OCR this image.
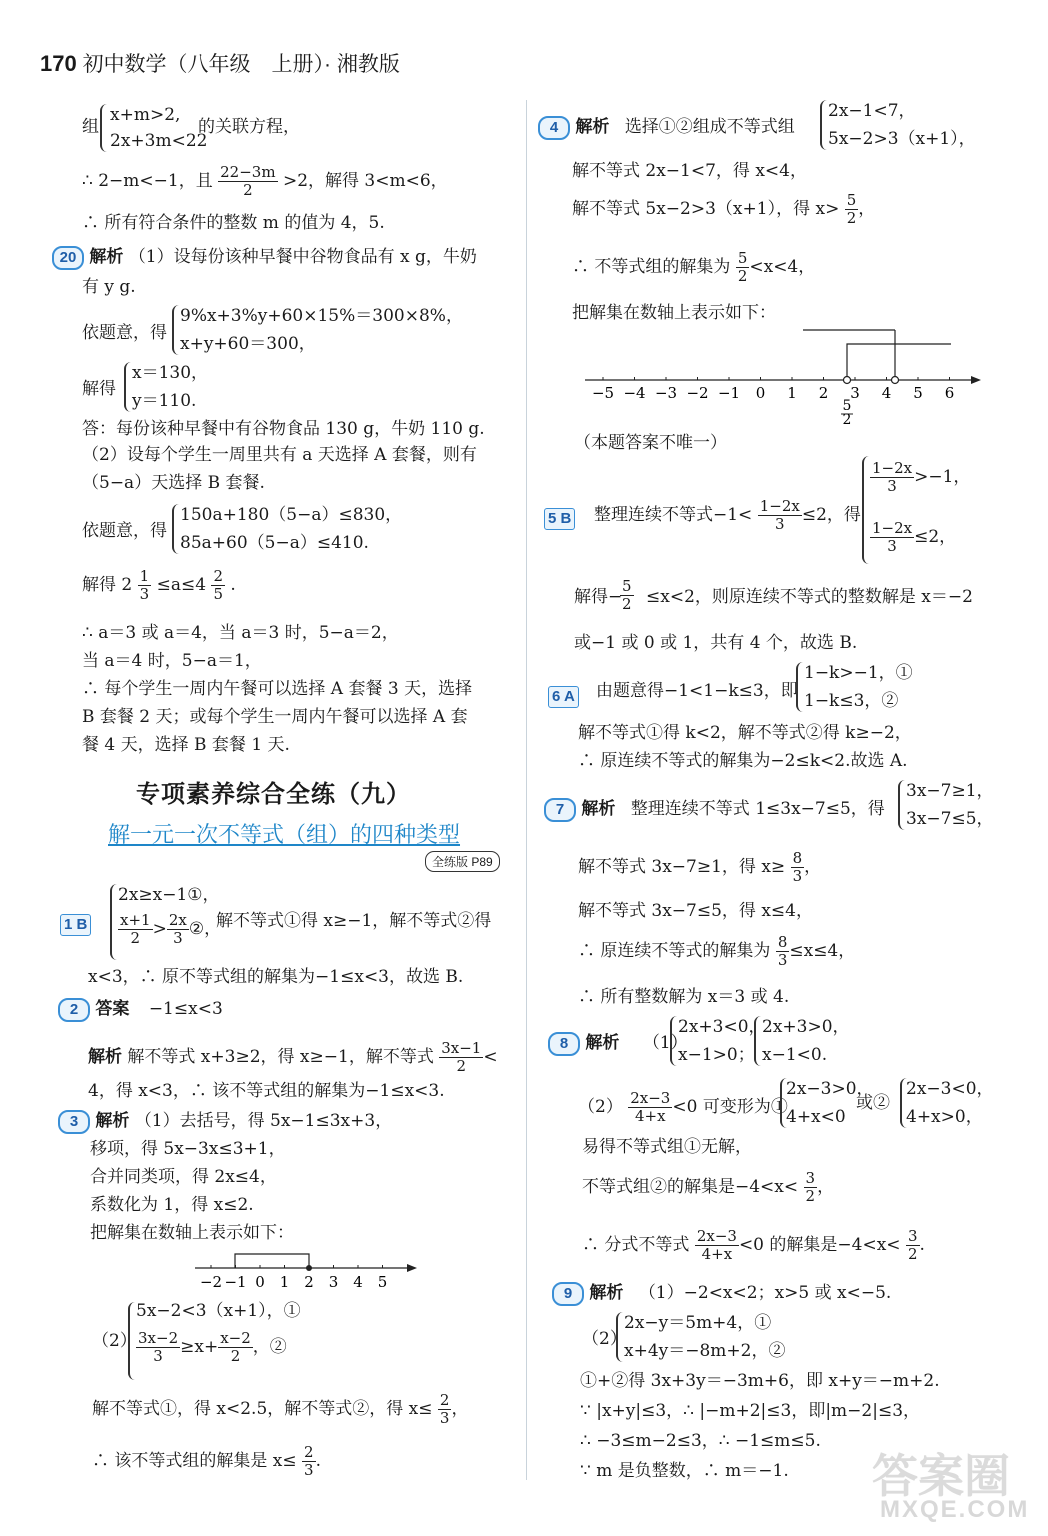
170 初中数学（八年级　上册）· 湘教版
组
x+m>2,
2x+3m<22
的关联方程，
∴ 2−m<−1，且 $\frac{22-3m}{2} >2$，解得 3<m<6，
∴ 所有符合条件的整数 m 的值为 4，5.
20 解析 （1）设每份该种早餐中谷物食品有 x g，牛奶
有 y g.
依题意，得
9%x+3%y+60×15%＝300×8%，
x+y+60＝300，
解得
x＝130，
y＝110.
答：每份该种早餐中有谷物食品 130 g，牛奶 110 g.
（2）设每个学生一周里共有 a 天选择 A 套餐，则有
（5−a）天选择 B 套餐.
依题意，得
150a+180（5−a）≤830，
85a+60（5−a）≤410.
解得 $2 \frac{1}{3} \le a\le 4 \frac{2}{5}$ .
∴ a＝3 或 a＝4，当 a＝3 时，5−a＝2，
当 a＝4 时，5−a＝1，
∴ 每个学生一周内午餐可以选择 A 套餐 3 天，选择
B 套餐 2 天；或每个学生一周内午餐可以选择 A 套
餐 4 天，选择 B 套餐 1 天.
专项素养综合全练（九）
解一元一次不等式（组）的四种类型
全练版 P89
1 B
2x≥x−1①，
$\frac{x+1}{2} > \frac{2x}{3}$ ②，
解不等式①得 x≥−1，解不等式②得
x<3，∴ 原不等式组的解集为−1≤x<3，故选 B.
2 答案 −1≤x<3
解析 解不等式 x+3≥2，得 x≥−1，解不等式 $\frac{3x-1}{2}$ <
4，得 x<3，∴ 该不等式组的解集为−1≤x<3.
3 解析 （1）去括号，得 5x−1≤3x+3，
移项，得 5x−3x≤3+1，
合并同类项，得 2x≤4，
系数化为 1，得 x≤2.
把解集在数轴上表示如下：
−2 −1 0 1 2 3 4 5
（2）
5x−2<3（x+1），①
$\frac{3x-2}{3} \ge x+ \frac{x-2}{2}$ ，②
解不等式①，得 x<2.5，解不等式②，得 $x\le \frac{2}{3}$ ，
∴ 该不等式组的解集是 $x\le \frac{2}{3}$ .
4 解析 选择①②组成不等式组
2x−1<7，
5x−2>3（x+1），
解不等式 2x−1<7，得 x<4，
解不等式 5x−2>3（x+1），得 $x> \frac{5}{2}$ ，
∴ 不等式组的解集为 $\frac{5}{2} <x<4$，
把解集在数轴上表示如下：
−5 −4 −3 −2 −1 0 1 2 3 4 5 6
5
2
（本题答案不唯一）
5 B 整理连续不等式$-1< \frac{1-2x}{3} \le 2$，得
$\frac{1-2x}{3} >-1$，
$\frac{1-2x}{3} \le 2$，
解得−
$\frac{5}{2} \le x<2$，则原连续不等式的整数解是 x＝−2
或−1 或 0 或 1，共有 4 个，故选 B.
6 A 由题意得−1<1−k≤3，即
1−k>−1，①
1−k≤3，②
解不等式①得 k<2，解不等式②得 k≥−2，
∴ 原连续不等式的解集为−2≤k<2.故选 A.
7 解析 整理连续不等式 1≤3x−7≤5，得
3x−7≥1，
3x−7≤5，
解不等式 3x−7≥1，得 $x\ge \frac{8}{3}$ ，
解不等式 3x−7≤5，得 x≤4，
∴ 原连续不等式的解集为 $\frac{8}{3} \le x\le 4$，
∴ 所有整数解为 x＝3 或 4.
8 解析 （1）
2x+3<0，
x−1>0；
2x+3>0，
x−1<0.
$(2) \frac{2x-3}{4+x} <0$ 可变形为①
2x−3>0，
4+x<0
或②
2x−3<0，
4+x>0，
易得不等式组①无解，
不等式组②的解集是$-4<x< \frac{3}{2}$ ，
∴ 分式不等式 $\frac{2x-3}{4+x} <0$ 的解集是$-4<x< \frac{3}{2}$ .
9 解析 （1）−2<x<2；x>5 或 x<−5.
（2）
2x−y＝5m+4，①
x+4y＝−8m+2，②
①+②得 3x+3y＝−3m+6，即 x+y＝−m+2.
∵ |x+y|≤3，∴ |−m+2|≤3，即|m−2|≤3，
∴ −3≤m−2≤3，∴ −1≤m≤5.
∵ m 是负整数，∴ m＝−1. 答案圈
MXQE.COM
